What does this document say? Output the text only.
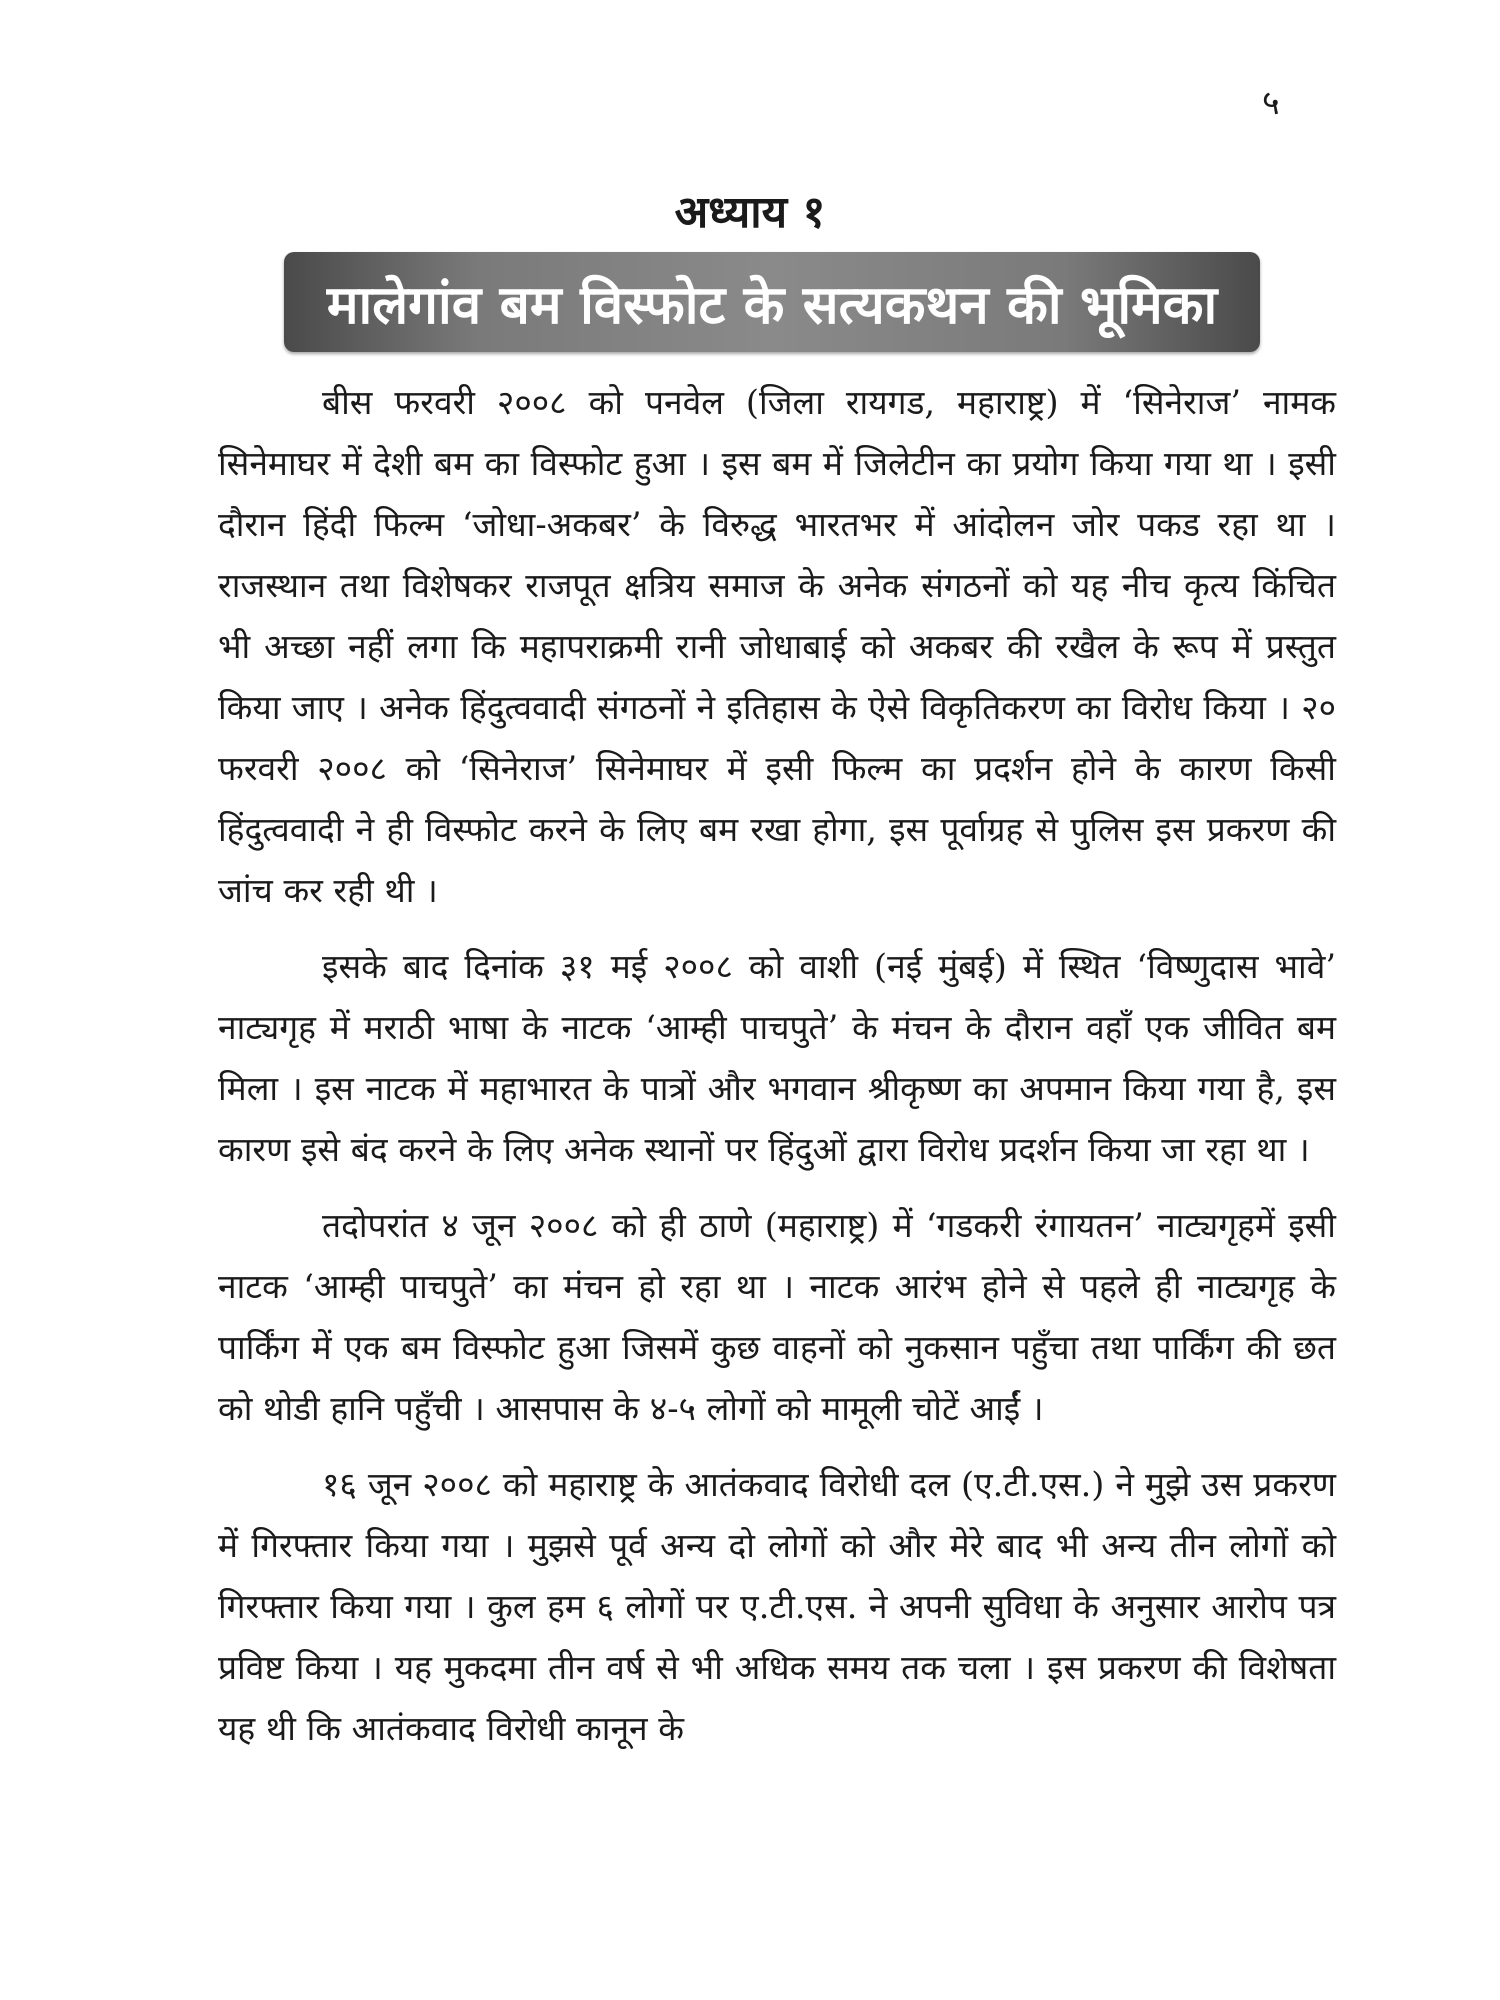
५
अध्याय १
मालेगांव बम विस्फोट के सत्यकथन की भूमिका

बीस फरवरी २००८ को पनवेल (जिला रायगड, महाराष्ट्र) में ‘सिनेराज’ नामक सिनेमाघर में देशी बम का विस्फोट हुआ । इस बम में जिलेटीन का प्रयोग किया गया था । इसी दौरान हिंदी फिल्म ‘जोधा-अकबर’ के विरुद्ध भारतभर में आंदोलन जोर पकड रहा था । राजस्थान तथा विशेषकर राजपूत क्षत्रिय समाज के अनेक संगठनों को यह नीच कृत्य किंचित भी अच्छा नहीं लगा कि महापराक्रमी रानी जोधाबाई को अकबर की रखैल के रूप में प्रस्तुत किया जाए । अनेक हिंदुत्ववादी संगठनों ने इतिहास के ऐसे विकृतिकरण का विरोध किया । २० फरवरी २००८ को ‘सिनेराज’ सिनेमाघर में इसी फिल्म का प्रदर्शन होने के कारण किसी हिंदुत्ववादी ने ही विस्फोट करने के लिए बम रखा होगा, इस पूर्वाग्रह से पुलिस इस प्रकरण की जांच कर रही थी ।

इसके बाद दिनांक ३१ मई २००८ को वाशी (नई मुंबई) में स्थित ‘विष्णुदास भावे’ नाट्यगृह में मराठी भाषा के नाटक ‘आम्ही पाचपुते’ के मंचन के दौरान वहाँ एक जीवित बम मिला । इस नाटक में महाभारत के पात्रों और भगवान श्रीकृष्ण का अपमान किया गया है, इस कारण इसे बंद करने के लिए अनेक स्थानों पर हिंदुओं द्वारा विरोध प्रदर्शन किया जा रहा था ।

तदोपरांत ४ जून २००८ को ही ठाणे (महाराष्ट्र) में ‘गडकरी रंगायतन’ नाट्यगृहमें इसी नाटक ‘आम्ही पाचपुते’ का मंचन हो रहा था । नाटक आरंभ होने से पहले ही नाट्यगृह के पार्किंग में एक बम विस्फोट हुआ जिसमें कुछ वाहनों को नुकसान पहुँचा तथा पार्किंग की छत को थोडी हानि पहुँची । आसपास के ४-५ लोगों को मामूली चोटें आईं ।

१६ जून २००८ को महाराष्ट्र के आतंकवाद विरोधी दल (ए.टी.एस.) ने मुझे उस प्रकरण में गिरफ्तार किया गया । मुझसे पूर्व अन्य दो लोगों को और मेरे बाद भी अन्य तीन लोगों को गिरफ्तार किया गया । कुल हम ६ लोगों पर ए.टी.एस. ने अपनी सुविधा के अनुसार आरोप पत्र प्रविष्ट किया । यह मुकदमा तीन वर्ष से भी अधिक समय तक चला । इस प्रकरण की विशेषता यह थी कि आतंकवाद विरोधी कानून के
